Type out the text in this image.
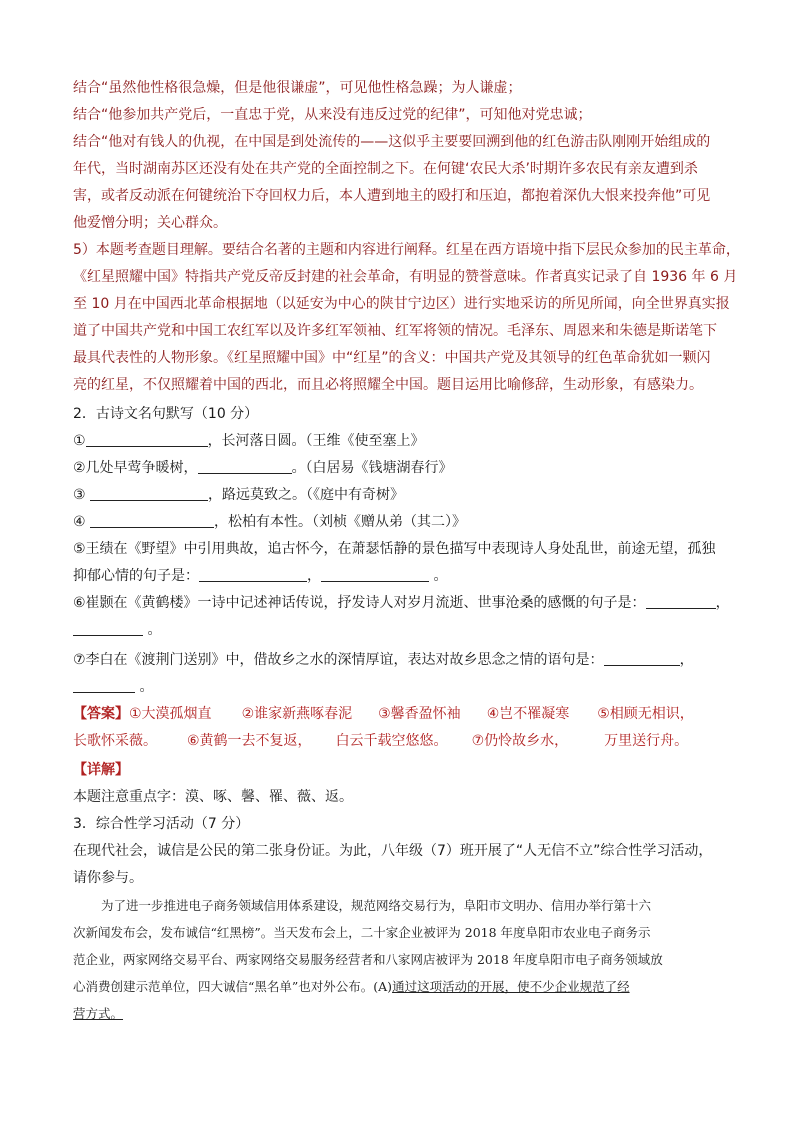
结合“虽然他性格很急燥，但是他很谦虚”，可见他性格急躁；为人谦虚；
结合“他参加共产党后，一直忠于党，从来没有违反过党的纪律”，可知他对党忠诚；
结合“他对有钱人的仇视，在中国是到处流传的——这似乎主要要回溯到他的红色游击队刚刚开始组成的
年代，当时湖南苏区还没有处在共产党的全面控制之下。在何键‘农民大杀’时期许多农民有亲友遭到杀
害，或者反动派在何键统治下夺回权力后，本人遭到地主的殴打和压迫，都抱着深仇大恨来投奔他”可见
他爱憎分明；关心群众。
5）本题考查题目理解。要结合名著的主题和内容进行阐释。红星在西方语境中指下层民众参加的民主革命，
《红星照耀中国》特指共产党反帝反封建的社会革命，有明显的赞誉意味。作者真实记录了自 1936 年 6 月
至 10 月在中国西北革命根据地（以延安为中心的陕甘宁边区）进行实地采访的所见所闻，向全世界真实报
道了中国共产党和中国工农红军以及许多红军领袖、红军将领的情况。毛泽东、周恩来和朱德是斯诺笔下
最具代表性的人物形象。《红星照耀中国》中“红星”的含义：中国共产党及其领导的红色革命犹如一颗闪
亮的红星，不仅照耀着中国的西北，而且必将照耀全中国。题目运用比喻修辞，生动形象，有感染力。
2．古诗文名句默写（10 分）
①	，长河落日圆。（王维《使至塞上》
②几处早莺争暖树，	。（白居易《钱塘湖春行》
③	，路远莫致之。（《庭中有奇树》
④	，松柏有本性。（刘桢《赠从弟（其二）》
⑤王绩在《野望》中引用典故，追古怀今，在萧瑟恬静的景色描写中表现诗人身处乱世，前途无望，孤独
抑郁心情的句子是：	，	。
⑥崔颢在《黄鹤楼》一诗中记述神话传说，抒发诗人对岁月流逝、世事沧桑的感慨的句子是：	，
。
⑦李白在《渡荆门送别》中，借故乡之水的深情厚谊，表达对故乡思念之情的语句是：	，
。
【答案】①大漠孤烟直 ②谁家新燕啄春泥 ③馨香盈怀袖 ④岂不罹凝寒 ⑤相顾无相识，
长歌怀采薇。 ⑥黄鹤一去不复返， 白云千载空悠悠。 ⑦仍怜故乡水，	万里送行舟。
【详解】
本题注意重点字：漠、啄、馨、罹、薇、返。
3．综合性学习活动（7 分）
在现代社会，诚信是公民的第二张身份证。为此，八年级（7）班开展了“人无信不立”综合性学习活动，
请你参与。
为了进一步推进电子商务领域信用体系建设，规范网络交易行为，阜阳市文明办、信用办举行第十六
次新闻发布会，发布诚信“红黑榜”。当天发布会上，二十家企业被评为 2018 年度阜阳市农业电子商务示
范企业，两家网络交易平台、两家网络交易服务经营者和八家网店被评为 2018 年度阜阳市电子商务领域放
心消费创建示范单位，四大诚信“黑名单”也对外公布。(A)通过这项活动的开展，使不少企业规范了经
营方式。
